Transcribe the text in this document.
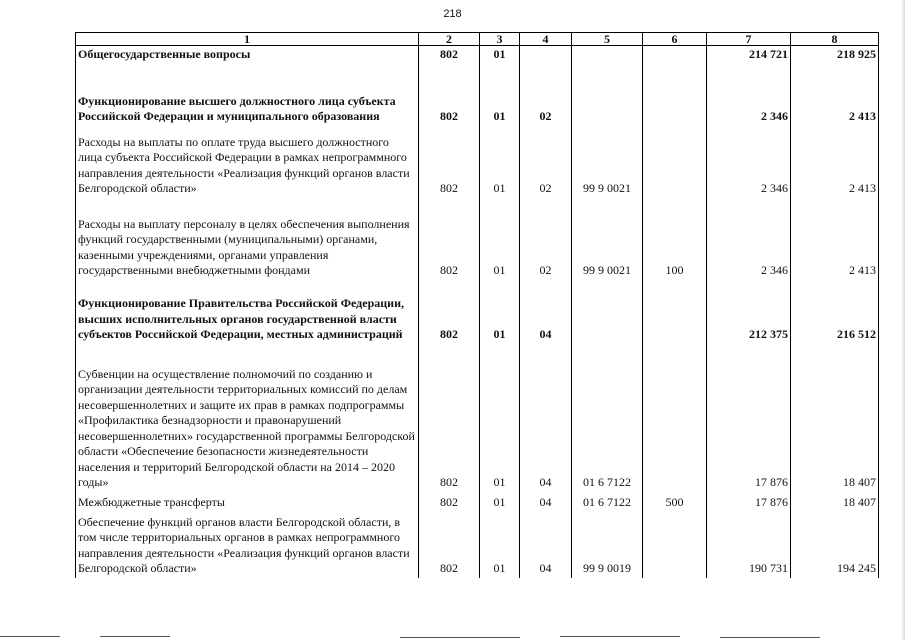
218
1	2	3	4	5	6	7	8
Общегосударственные вопросы	802	01				214 721	218 925
Функционирование высшего должностного лица субъекта Российской Федерации и муниципального образования	802	01	02			2 346	2 413
Расходы на выплаты по оплате труда высшего должностного лица субъекта Российской Федерации в рамках непрограммного направления деятельности «Реализация функций органов власти Белгородской области»	802	01	02	99 9 0021		2 346	2 413
Расходы на выплату персоналу в целях обеспечения выполнения функций государственными (муниципальными) органами, казенными учреждениями, органами управления государственными внебюджетными фондами	802	01	02	99 9 0021	100	2 346	2 413
Функционирование Правительства Российской Федерации, высших исполнительных органов государственной власти субъектов Российской Федерации, местных администраций	802	01	04			212 375	216 512
Субвенции на осуществление полномочий по созданию и организации деятельности территориальных комиссий по делам несовершеннолетних и защите их прав в рамках подпрограммы «Профилактика безнадзорности и правонарушений несовершеннолетних» государственной программы Белгородской области «Обеспечение безопасности жизнедеятельности населения и территорий Белгородской области на 2014 – 2020 годы»	802	01	04	01 6 7122		17 876	18 407
Межбюджетные трансферты	802	01	04	01 6 7122	500	17 876	18 407
Обеспечение функций органов власти Белгородской области, в том числе территориальных органов в рамках непрограммного направления деятельности «Реализация функций органов власти Белгородской области»	802	01	04	99 9 0019		190 731	194 245
